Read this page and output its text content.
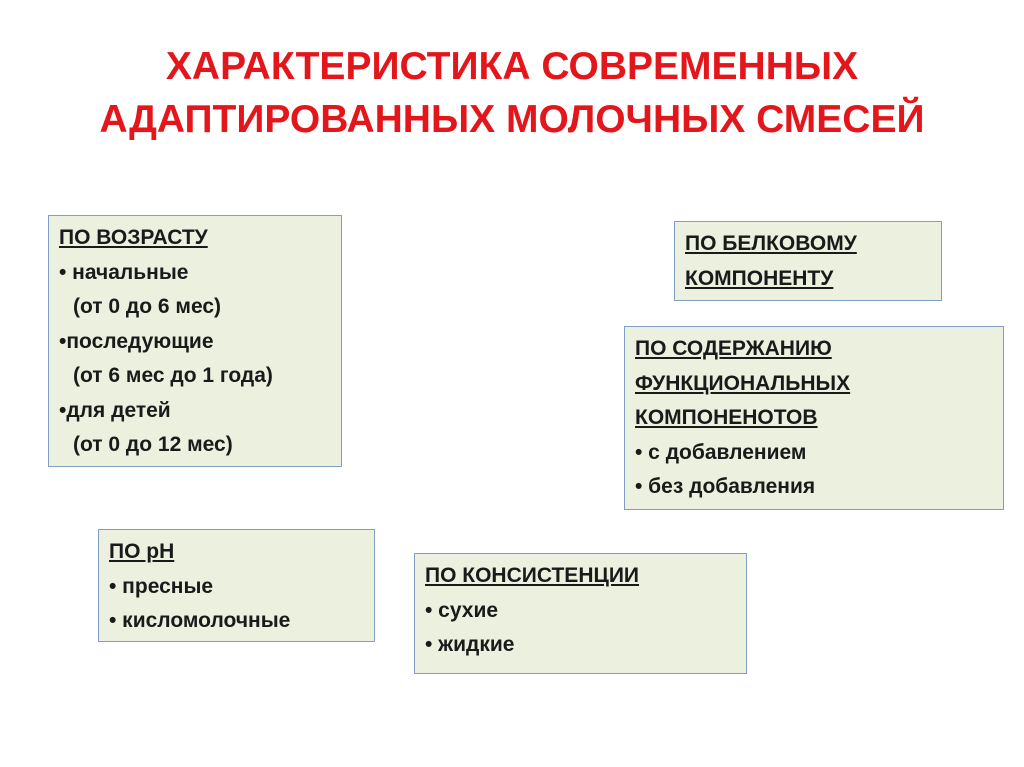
ХАРАКТЕРИСТИКА СОВРЕМЕННЫХ
АДАПТИРОВАННЫХ МОЛОЧНЫХ СМЕСЕЙ
ПО ВОЗРАСТУ
• начальные
(от 0 до 6 мес)
•последующие
(от 6 мес до 1 года)
•для детей
(от 0 до 12 мес)
ПО БЕЛКОВОМУ
КОМПОНЕНТУ
ПО СОДЕРЖАНИЮ
ФУНКЦИОНАЛЬНЫХ
КОМПОНЕНОТОВ
• с добавлением
• без добавления
ПО рН
• пресные
• кисломолочные
ПО КОНСИСТЕНЦИИ
• сухие
• жидкие
